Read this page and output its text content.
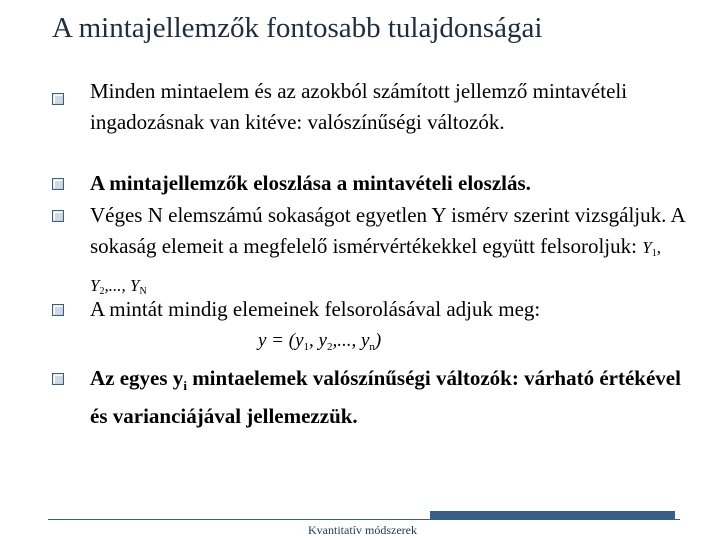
A mintajellemzők fontosabb tulajdonságai
Minden mintaelem és az azokból számított jellemző mintavételi ingadozásnak van kitéve: valószínűségi változók.
A mintajellemzők eloszlása a mintavételi eloszlás.
Véges N elemszámú sokaságot egyetlen Y ismérv szerint vizsgáljuk. A sokaság elemeit a megfelelő ismérvértékekkel együtt felsoroljuk: $Y_1$, $Y_2$,..., $Y_N$
A mintát mindig elemeinek felsorolásával adjuk meg:
$y = (y_1$, $y_2$,..., $y_n$)
Az egyes $y_i$ mintaelemek valószínűségi változók: várható értékével és varianciájával jellemezzük.
Kvantitatív módszerek
